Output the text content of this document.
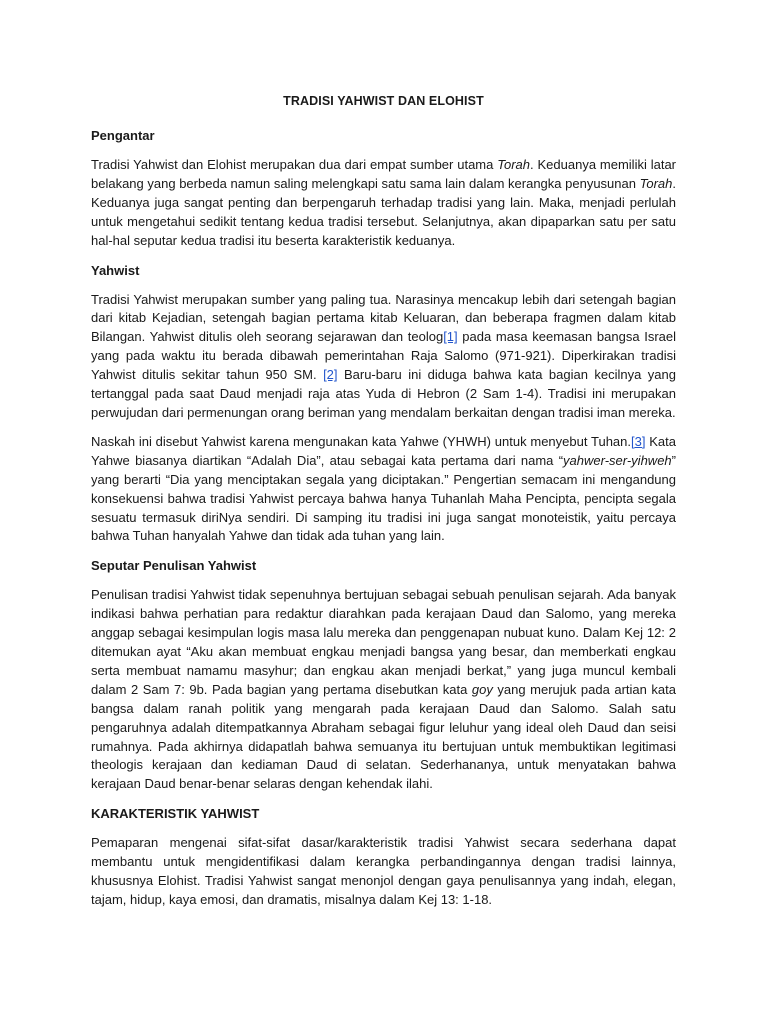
TRADISI YAHWIST DAN ELOHIST
Pengantar

Tradisi Yahwist dan Elohist merupakan dua dari empat sumber utama Torah. Keduanya memiliki latar belakang yang berbeda namun saling melengkapi satu sama lain dalam kerangka penyusunan Torah. Keduanya juga sangat penting dan berpengaruh terhadap tradisi yang lain. Maka, menjadi perlulah untuk mengetahui sedikit tentang kedua tradisi tersebut. Selanjutnya, akan dipaparkan satu per satu hal-hal seputar kedua tradisi itu beserta karakteristik keduanya.

Yahwist

Tradisi Yahwist merupakan sumber yang paling tua. Narasinya mencakup lebih dari setengah bagian dari kitab Kejadian, setengah bagian pertama kitab Keluaran, dan beberapa fragmen dalam kitab Bilangan. Yahwist ditulis oleh seorang sejarawan dan teolog[1] pada masa keemasan bangsa Israel yang pada waktu itu berada dibawah pemerintahan Raja Salomo (971-921). Diperkirakan tradisi Yahwist ditulis sekitar tahun 950 SM. [2] Baru-baru ini diduga bahwa kata bagian kecilnya yang tertanggal pada saat Daud menjadi raja atas Yuda di Hebron (2 Sam 1-4). Tradisi ini merupakan perwujudan dari permenungan orang beriman yang mendalam berkaitan dengan tradisi iman mereka.

Naskah ini disebut Yahwist karena mengunakan kata Yahwe (YHWH) untuk menyebut Tuhan.[3] Kata Yahwe biasanya diartikan “Adalah Dia”, atau sebagai kata pertama dari nama “yahwer-ser-yihweh” yang berarti “Dia yang menciptakan segala yang diciptakan.” Pengertian semacam ini mengandung konsekuensi bahwa tradisi Yahwist percaya bahwa hanya Tuhanlah Maha Pencipta, pencipta segala sesuatu termasuk diriNya sendiri. Di samping itu tradisi ini juga sangat monoteistik, yaitu percaya bahwa Tuhan hanyalah Yahwe dan tidak ada tuhan yang lain.

Seputar Penulisan Yahwist

Penulisan tradisi Yahwist tidak sepenuhnya bertujuan sebagai sebuah penulisan sejarah. Ada banyak indikasi bahwa perhatian para redaktur diarahkan pada kerajaan Daud dan Salomo, yang mereka anggap sebagai kesimpulan logis masa lalu mereka dan penggenapan nubuat kuno. Dalam Kej 12: 2 ditemukan ayat “Aku akan membuat engkau menjadi bangsa yang besar, dan memberkati engkau serta membuat namamu masyhur; dan engkau akan menjadi berkat,” yang juga muncul kembali dalam 2 Sam 7: 9b. Pada bagian yang pertama disebutkan kata goy yang merujuk pada artian kata bangsa dalam ranah politik yang mengarah pada kerajaan Daud dan Salomo. Salah satu pengaruhnya adalah ditempatkannya Abraham sebagai figur leluhur yang ideal oleh Daud dan seisi rumahnya. Pada akhirnya didapatlah bahwa semuanya itu bertujuan untuk membuktikan legitimasi theologis kerajaan dan kediaman Daud di selatan. Sederhananya, untuk menyatakan bahwa kerajaan Daud benar-benar selaras dengan kehendak ilahi.

KARAKTERISTIK YAHWIST

Pemaparan mengenai sifat-sifat dasar/karakteristik tradisi Yahwist secara sederhana dapat membantu untuk mengidentifikasi dalam kerangka perbandingannya dengan tradisi lainnya, khususnya Elohist. Tradisi Yahwist sangat menonjol dengan gaya penulisannya yang indah, elegan, tajam, hidup, kaya emosi, dan dramatis, misalnya dalam Kej 13: 1-18.
